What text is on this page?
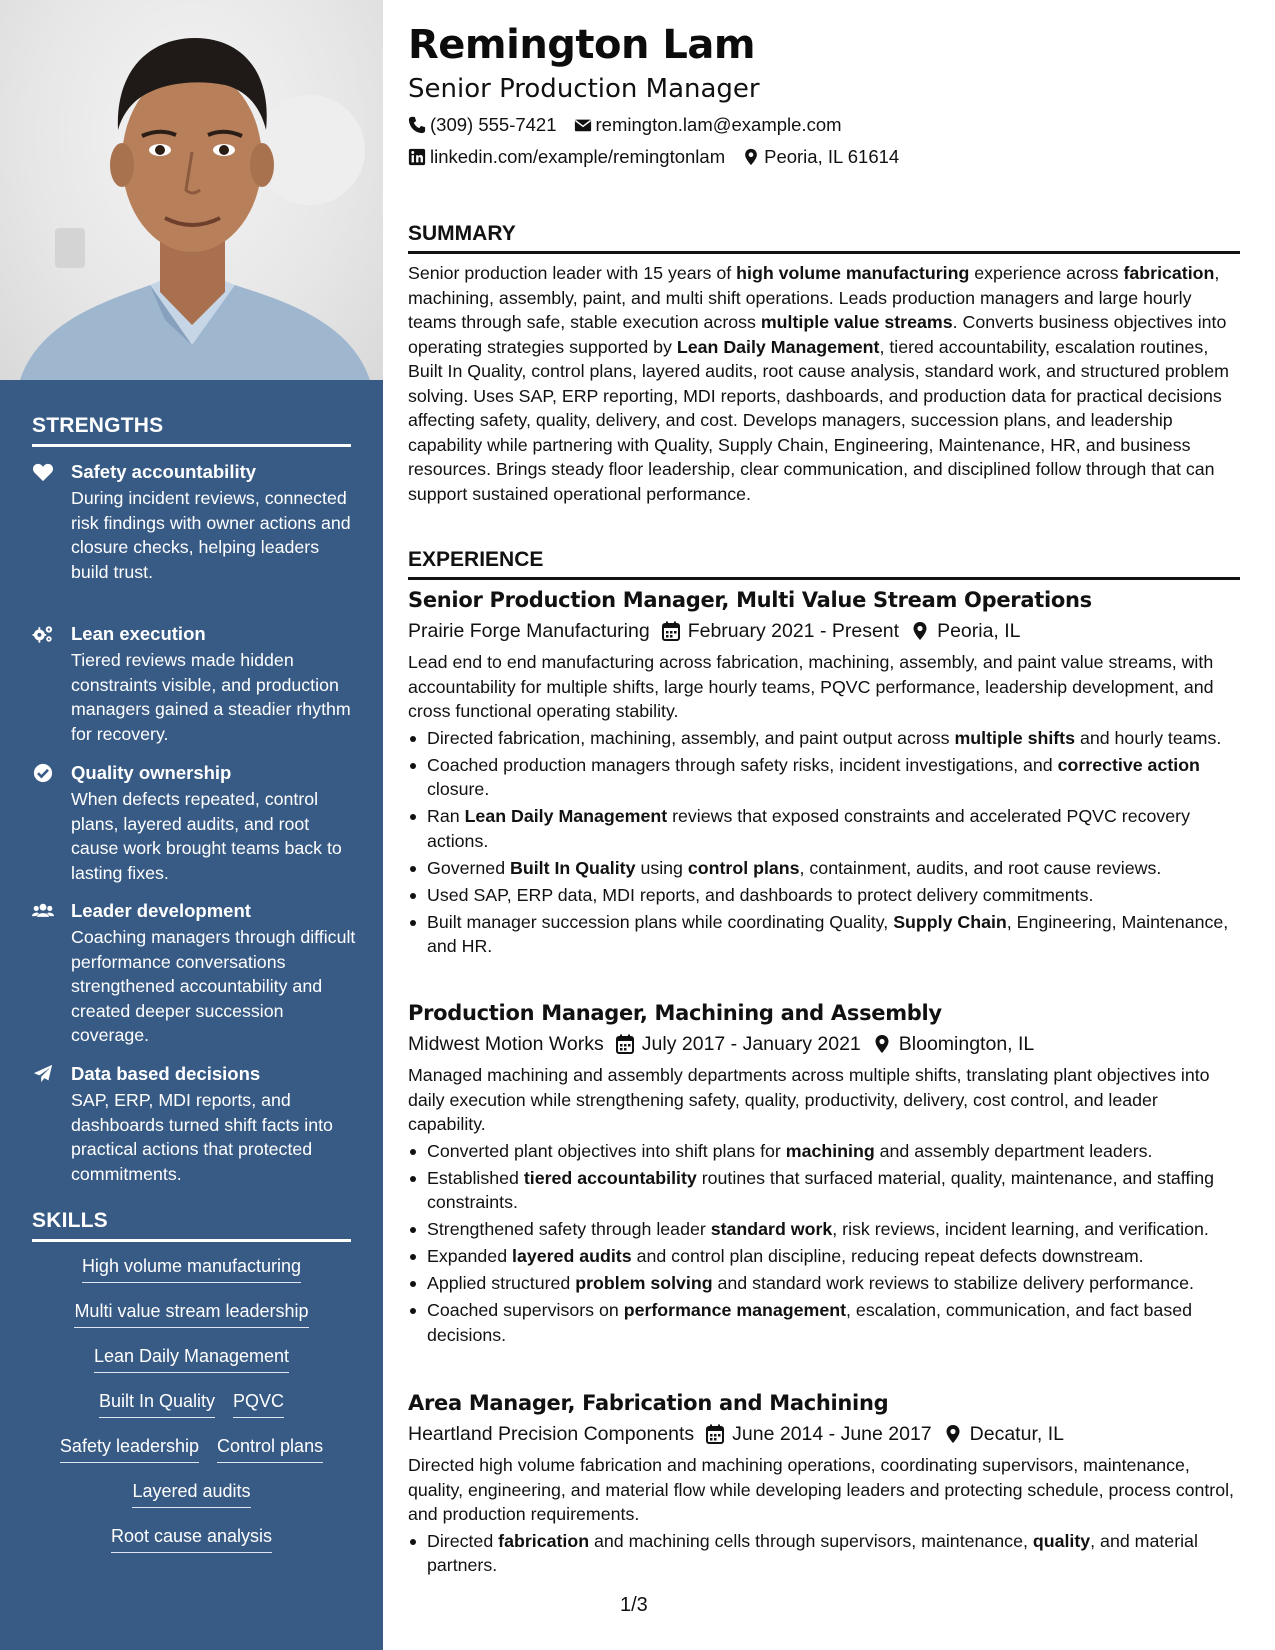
STRENGTHS
Safety accountability
During incident reviews, connected risk findings with owner actions and closure checks, helping leaders build trust.
Lean execution
Tiered reviews made hidden constraints visible, and production managers gained a steadier rhythm for recovery.
Quality ownership
When defects repeated, control plans, layered audits, and root cause work brought teams back to lasting fixes.
Leader development
Coaching managers through difficult performance conversations strengthened accountability and created deeper succession coverage.
Data based decisions
SAP, ERP, MDI reports, and dashboards turned shift facts into practical actions that protected commitments.
SKILLS
High volume manufacturing
Multi value stream leadership
Lean Daily Management
Built In Quality PQVC
Safety leadership Control plans
Layered audits
Root cause analysis
Remington Lam
Senior Production Manager
(309) 555-7421 remington.lam@example.com
linkedin.com/example/remingtonlam Peoria, IL 61614
SUMMARY
Senior production leader with 15 years of high volume manufacturing experience across fabrication, machining, assembly, paint, and multi shift operations. Leads production managers and large hourly teams through safe, stable execution across multiple value streams. Converts business objectives into operating strategies supported by Lean Daily Management, tiered accountability, escalation routines, Built In Quality, control plans, layered audits, root cause analysis, standard work, and structured problem solving. Uses SAP, ERP reporting, MDI reports, dashboards, and production data for practical decisions affecting safety, quality, delivery, and cost. Develops managers, succession plans, and leadership capability while partnering with Quality, Supply Chain, Engineering, Maintenance, HR, and business resources. Brings steady floor leadership, clear communication, and disciplined follow through that can support sustained operational performance.
EXPERIENCE
Senior Production Manager, Multi Value Stream Operations
Prairie Forge Manufacturing February 2021 - Present Peoria, IL
Lead end to end manufacturing across fabrication, machining, assembly, and paint value streams, with accountability for multiple shifts, large hourly teams, PQVC performance, leadership development, and cross functional operating stability.
Directed fabrication, machining, assembly, and paint output across multiple shifts and hourly teams.
Coached production managers through safety risks, incident investigations, and corrective action closure.
Ran Lean Daily Management reviews that exposed constraints and accelerated PQVC recovery actions.
Governed Built In Quality using control plans, containment, audits, and root cause reviews.
Used SAP, ERP data, MDI reports, and dashboards to protect delivery commitments.
Built manager succession plans while coordinating Quality, Supply Chain, Engineering, Maintenance, and HR.
Production Manager, Machining and Assembly
Midwest Motion Works July 2017 - January 2021 Bloomington, IL
Managed machining and assembly departments across multiple shifts, translating plant objectives into daily execution while strengthening safety, quality, productivity, delivery, cost control, and leader capability.
Converted plant objectives into shift plans for machining and assembly department leaders.
Established tiered accountability routines that surfaced material, quality, maintenance, and staffing constraints.
Strengthened safety through leader standard work, risk reviews, incident learning, and verification.
Expanded layered audits and control plan discipline, reducing repeat defects downstream.
Applied structured problem solving and standard work reviews to stabilize delivery performance.
Coached supervisors on performance management, escalation, communication, and fact based decisions.
Area Manager, Fabrication and Machining
Heartland Precision Components June 2014 - June 2017 Decatur, IL
Directed high volume fabrication and machining operations, coordinating supervisors, maintenance, quality, engineering, and material flow while developing leaders and protecting schedule, process control, and production requirements.
Directed fabrication and machining cells through supervisors, maintenance, quality, and material partners.
1/3
